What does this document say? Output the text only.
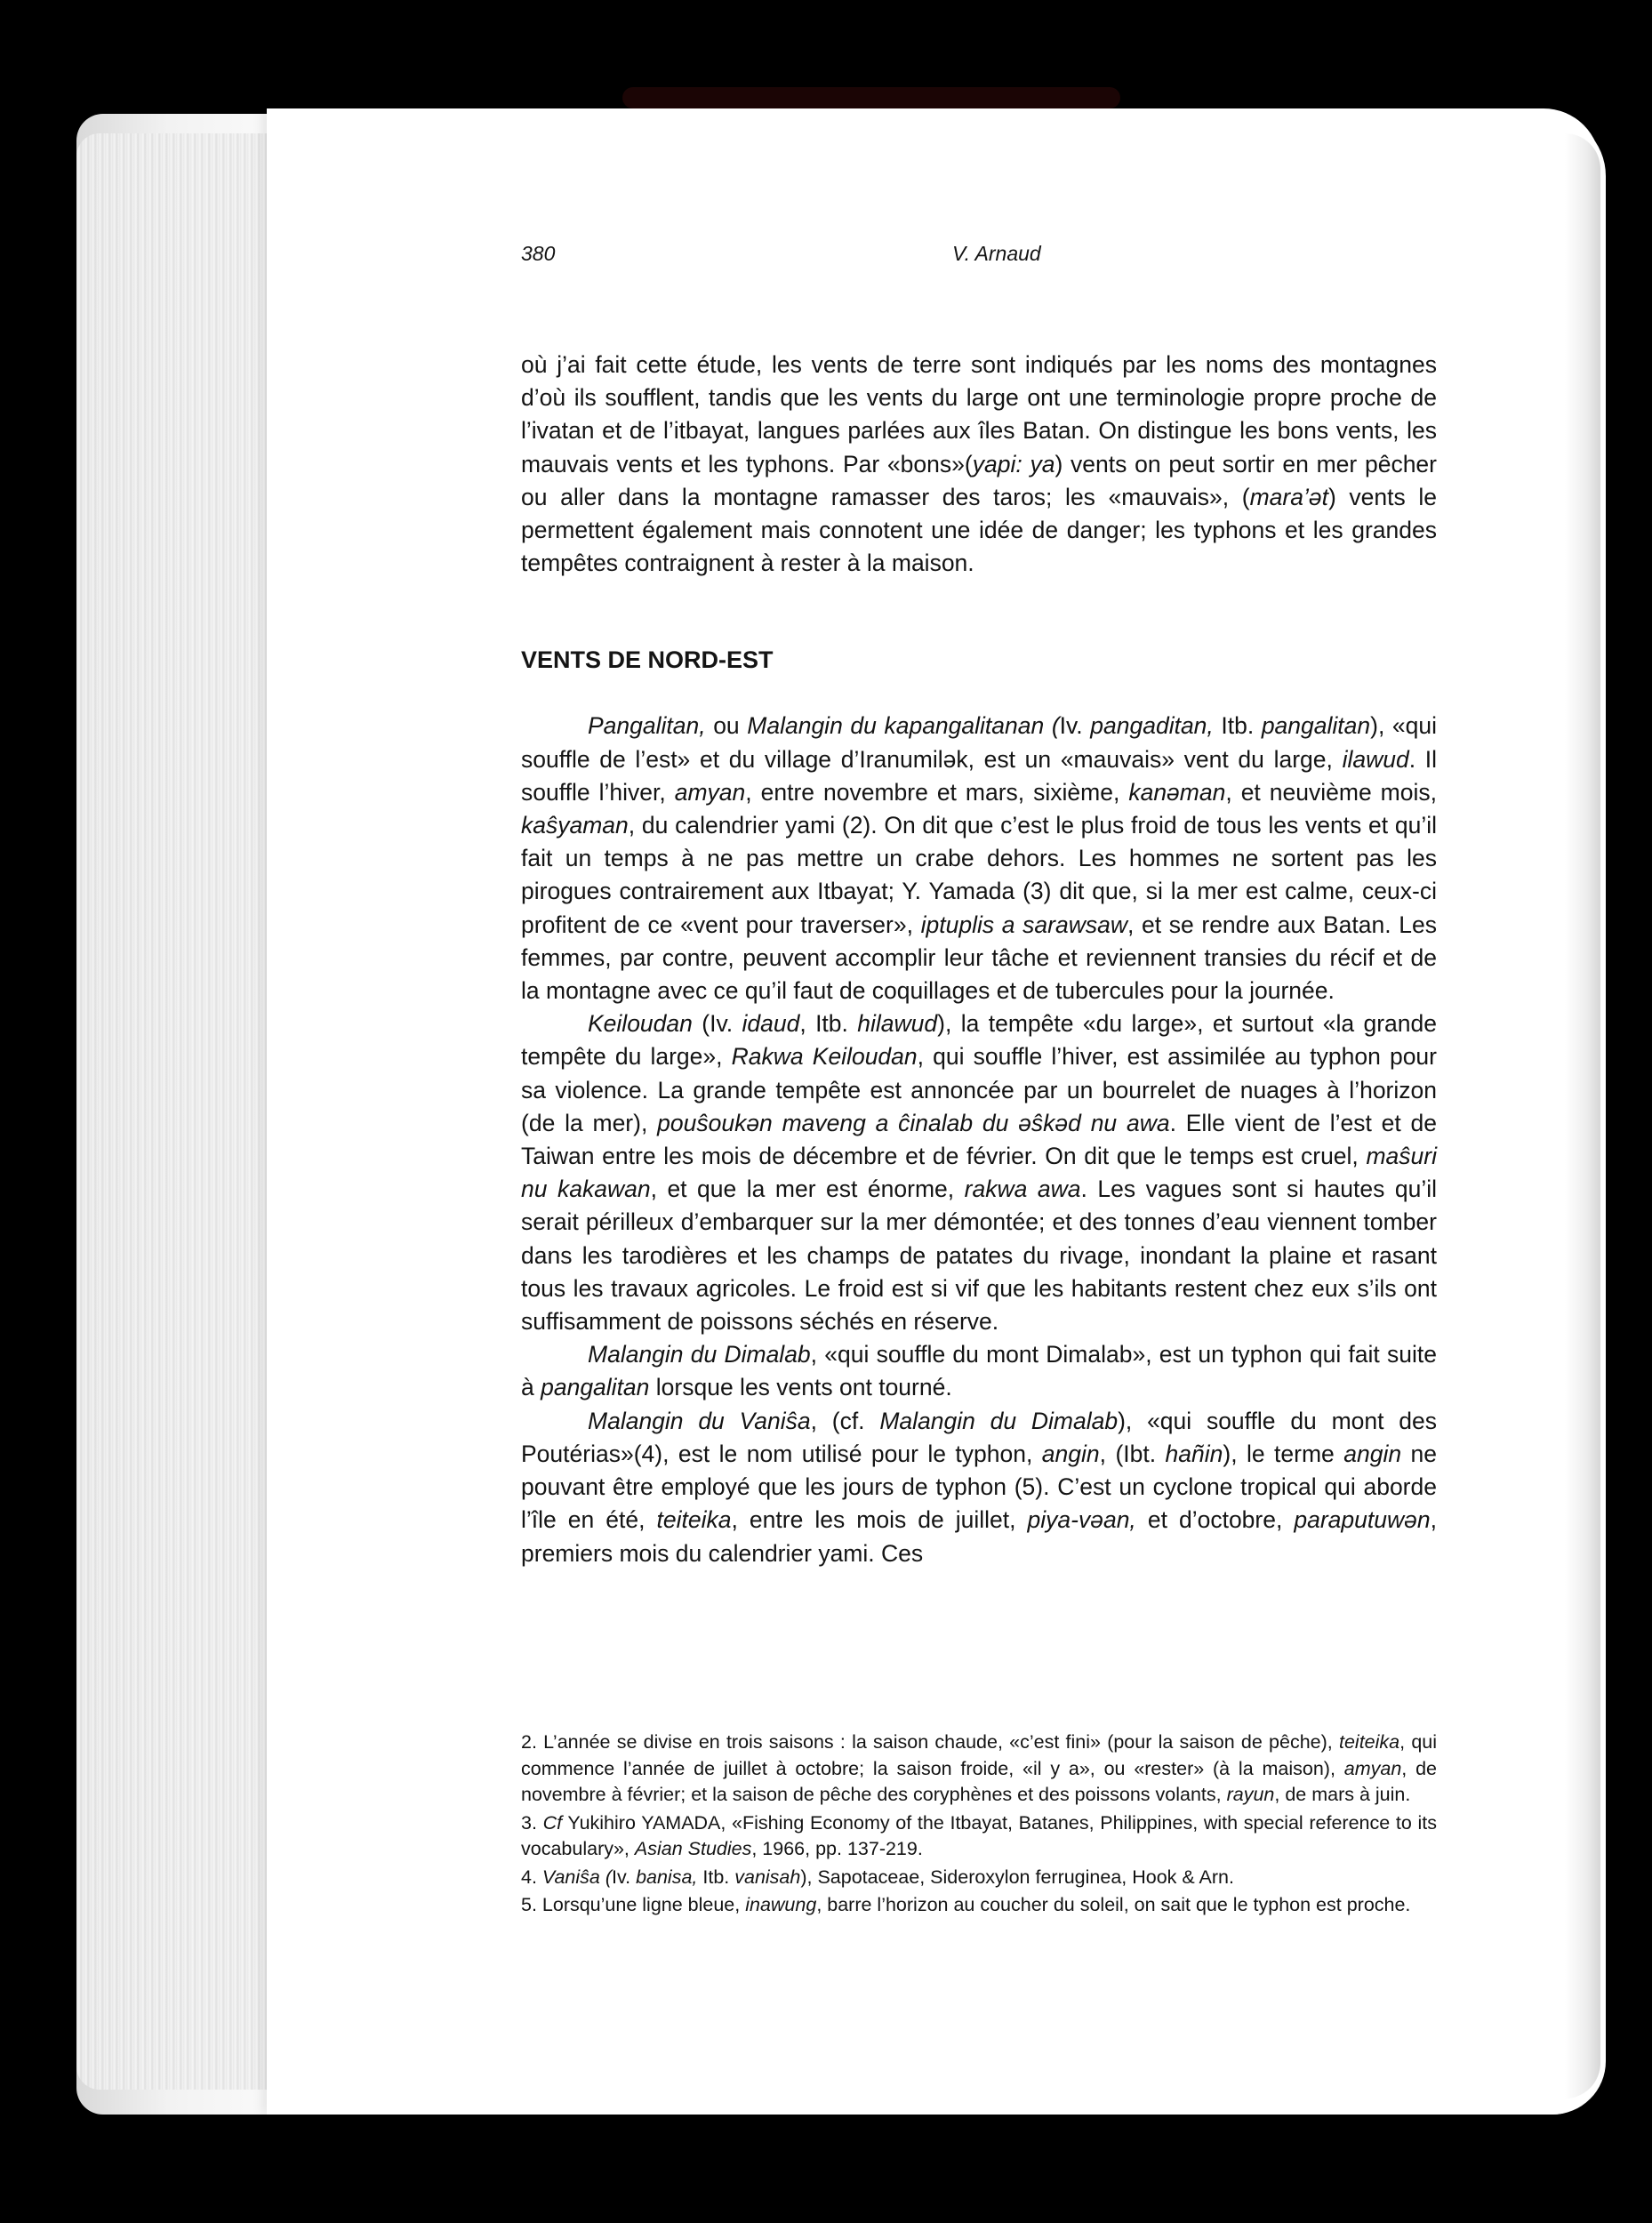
380	V. Arnaud

où j’ai fait cette étude, les vents de terre sont indiqués par les noms des montagnes d’où ils soufflent, tandis que les vents du large ont une terminologie propre proche de l’ivatan et de l’itbayat, langues parlées aux îles Batan. On distingue les bons vents, les mauvais vents et les typhons. Par «bons»(yapi: ya) vents on peut sortir en mer pêcher ou aller dans la montagne ramasser des taros; les «mauvais», (mara’ət) vents le permettent également mais connotent une idée de danger; les typhons et les grandes tempêtes contraignent à rester à la maison.

VENTS DE NORD-EST

Pangalitan, ou Malangin du kapangalitanan (Iv. pangaditan, Itb. pangalitan), «qui souffle de l’est» et du village d’Iranumilək, est un «mauvais» vent du large, ilawud. Il souffle l’hiver, amyan, entre novembre et mars, sixième, kanəman, et neuvième mois, kaŝyaman, du calendrier yami (2). On dit que c’est le plus froid de tous les vents et qu’il fait un temps à ne pas mettre un crabe dehors. Les hommes ne sortent pas les pirogues contrairement aux Itbayat; Y. Yamada (3) dit que, si la mer est calme, ceux-ci profitent de ce «vent pour traverser», iptuplis a sarawsaw, et se rendre aux Batan. Les femmes, par contre, peuvent accomplir leur tâche et reviennent transies du récif et de la montagne avec ce qu’il faut de coquillages et de tubercules pour la journée.

Keiloudan (Iv. idaud, Itb. hilawud), la tempête «du large», et surtout «la grande tempête du large», Rakwa Keiloudan, qui souffle l’hiver, est assimilée au typhon pour sa violence. La grande tempête est annoncée par un bourrelet de nuages à l’horizon (de la mer), pouŝoukən maveng a ĉinalab du əŝkəd nu awa. Elle vient de l’est et de Taiwan entre les mois de décembre et de février. On dit que le temps est cruel, maŝuri nu kakawan, et que la mer est énorme, rakwa awa. Les vagues sont si hautes qu’il serait périlleux d’embarquer sur la mer démontée; et des tonnes d’eau viennent tomber dans les tarodières et les champs de patates du rivage, inondant la plaine et rasant tous les travaux agricoles. Le froid est si vif que les habitants restent chez eux s’ils ont suffisamment de poissons séchés en réserve.

Malangin du Dimalab, «qui souffle du mont Dimalab», est un typhon qui fait suite à pangalitan lorsque les vents ont tourné.

Malangin du Vaniŝa, (cf. Malangin du Dimalab), «qui souffle du mont des Poutérias»(4), est le nom utilisé pour le typhon, angin, (Ibt. hañin), le terme angin ne pouvant être employé que les jours de typhon (5). C’est un cyclone tropical qui aborde l’île en été, teiteika, entre les mois de juillet, piya-vəan, et d’octobre, paraputuwən, premiers mois du calendrier yami. Ces

2. L’année se divise en trois saisons : la saison chaude, «c’est fini» (pour la saison de pêche), teiteika, qui commence l’année de juillet à octobre; la saison froide, «il y a», ou «rester» (à la maison), amyan, de novembre à février; et la saison de pêche des coryphènes et des poissons volants, rayun, de mars à juin.

3. Cf Yukihiro YAMADA, «Fishing Economy of the Itbayat, Batanes, Philippines, with special reference to its vocabulary», Asian Studies, 1966, pp. 137-219.

4. Vaniŝa (Iv. banisa, Itb. vanisah), Sapotaceae, Sideroxylon ferruginea, Hook & Arn.

5. Lorsqu’une ligne bleue, inawung, barre l’horizon au coucher du soleil, on sait que le typhon est proche.
